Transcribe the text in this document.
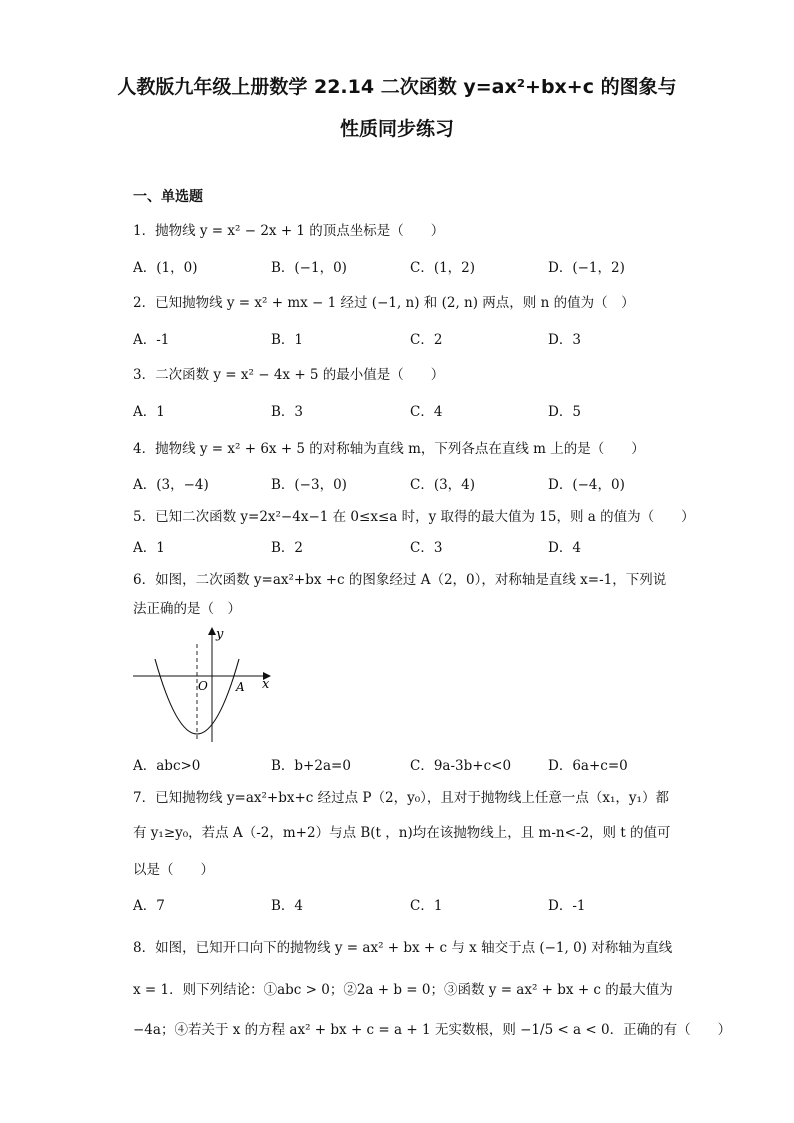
人教版九年级上册数学 22.14 二次函数 y=ax²+bx+c 的图象与
性质同步练习
一、单选题
1．抛物线 y = x² − 2x + 1 的顶点坐标是（　　）
A．(1，0)	B．(−1，0)	C．(1，2)	D．(−1，2)
2．已知抛物线 y = x² + mx − 1 经过 (−1, n) 和 (2, n) 两点，则 n 的值为（　）
A．-1	B．1	C．2	D．3
3．二次函数 y = x² − 4x + 5 的最小值是（　　）
A．1	B．3	C．4	D．5
4．抛物线 y = x² + 6x + 5 的对称轴为直线 m，下列各点在直线 m 上的是（　　）
A．(3，−4)	B．(−3，0)	C．(3，4)	D．(−4，0)
5．已知二次函数 y=2x²−4x−1 在 0≤x≤a 时，y 取得的最大值为 15，则 a 的值为（　　）
A．1	B．2	C．3	D．4
6．如图，二次函数 y=ax²+bx +c 的图象经过 A（2，0），对称轴是直线 x=-1，下列说
法正确的是（　）
y
x
O A
A．abc>0	B．b+2a=0	C．9a-3b+c<0	D．6a+c=0
7．已知抛物线 y=ax²+bx+c 经过点 P（2，y₀），且对于抛物线上任意一点（x₁，y₁）都
有 y₁≥y₀，若点 A（-2，m+2）与点 B(t ，n)均在该抛物线上，且 m-n<-2，则 t 的值可
以是（　　）
A．7	B．4	C．1	D．-1
8．如图，已知开口向下的抛物线 y = ax² + bx + c 与 x 轴交于点 (−1, 0) 对称轴为直线
x = 1．则下列结论：①abc > 0；②2a + b = 0；③函数 y = ax² + bx + c 的最大值为
−4a；④若关于 x 的方程 ax² + bx + c = a + 1 无实数根，则 −1/5 < a < 0．正确的有（　　）
